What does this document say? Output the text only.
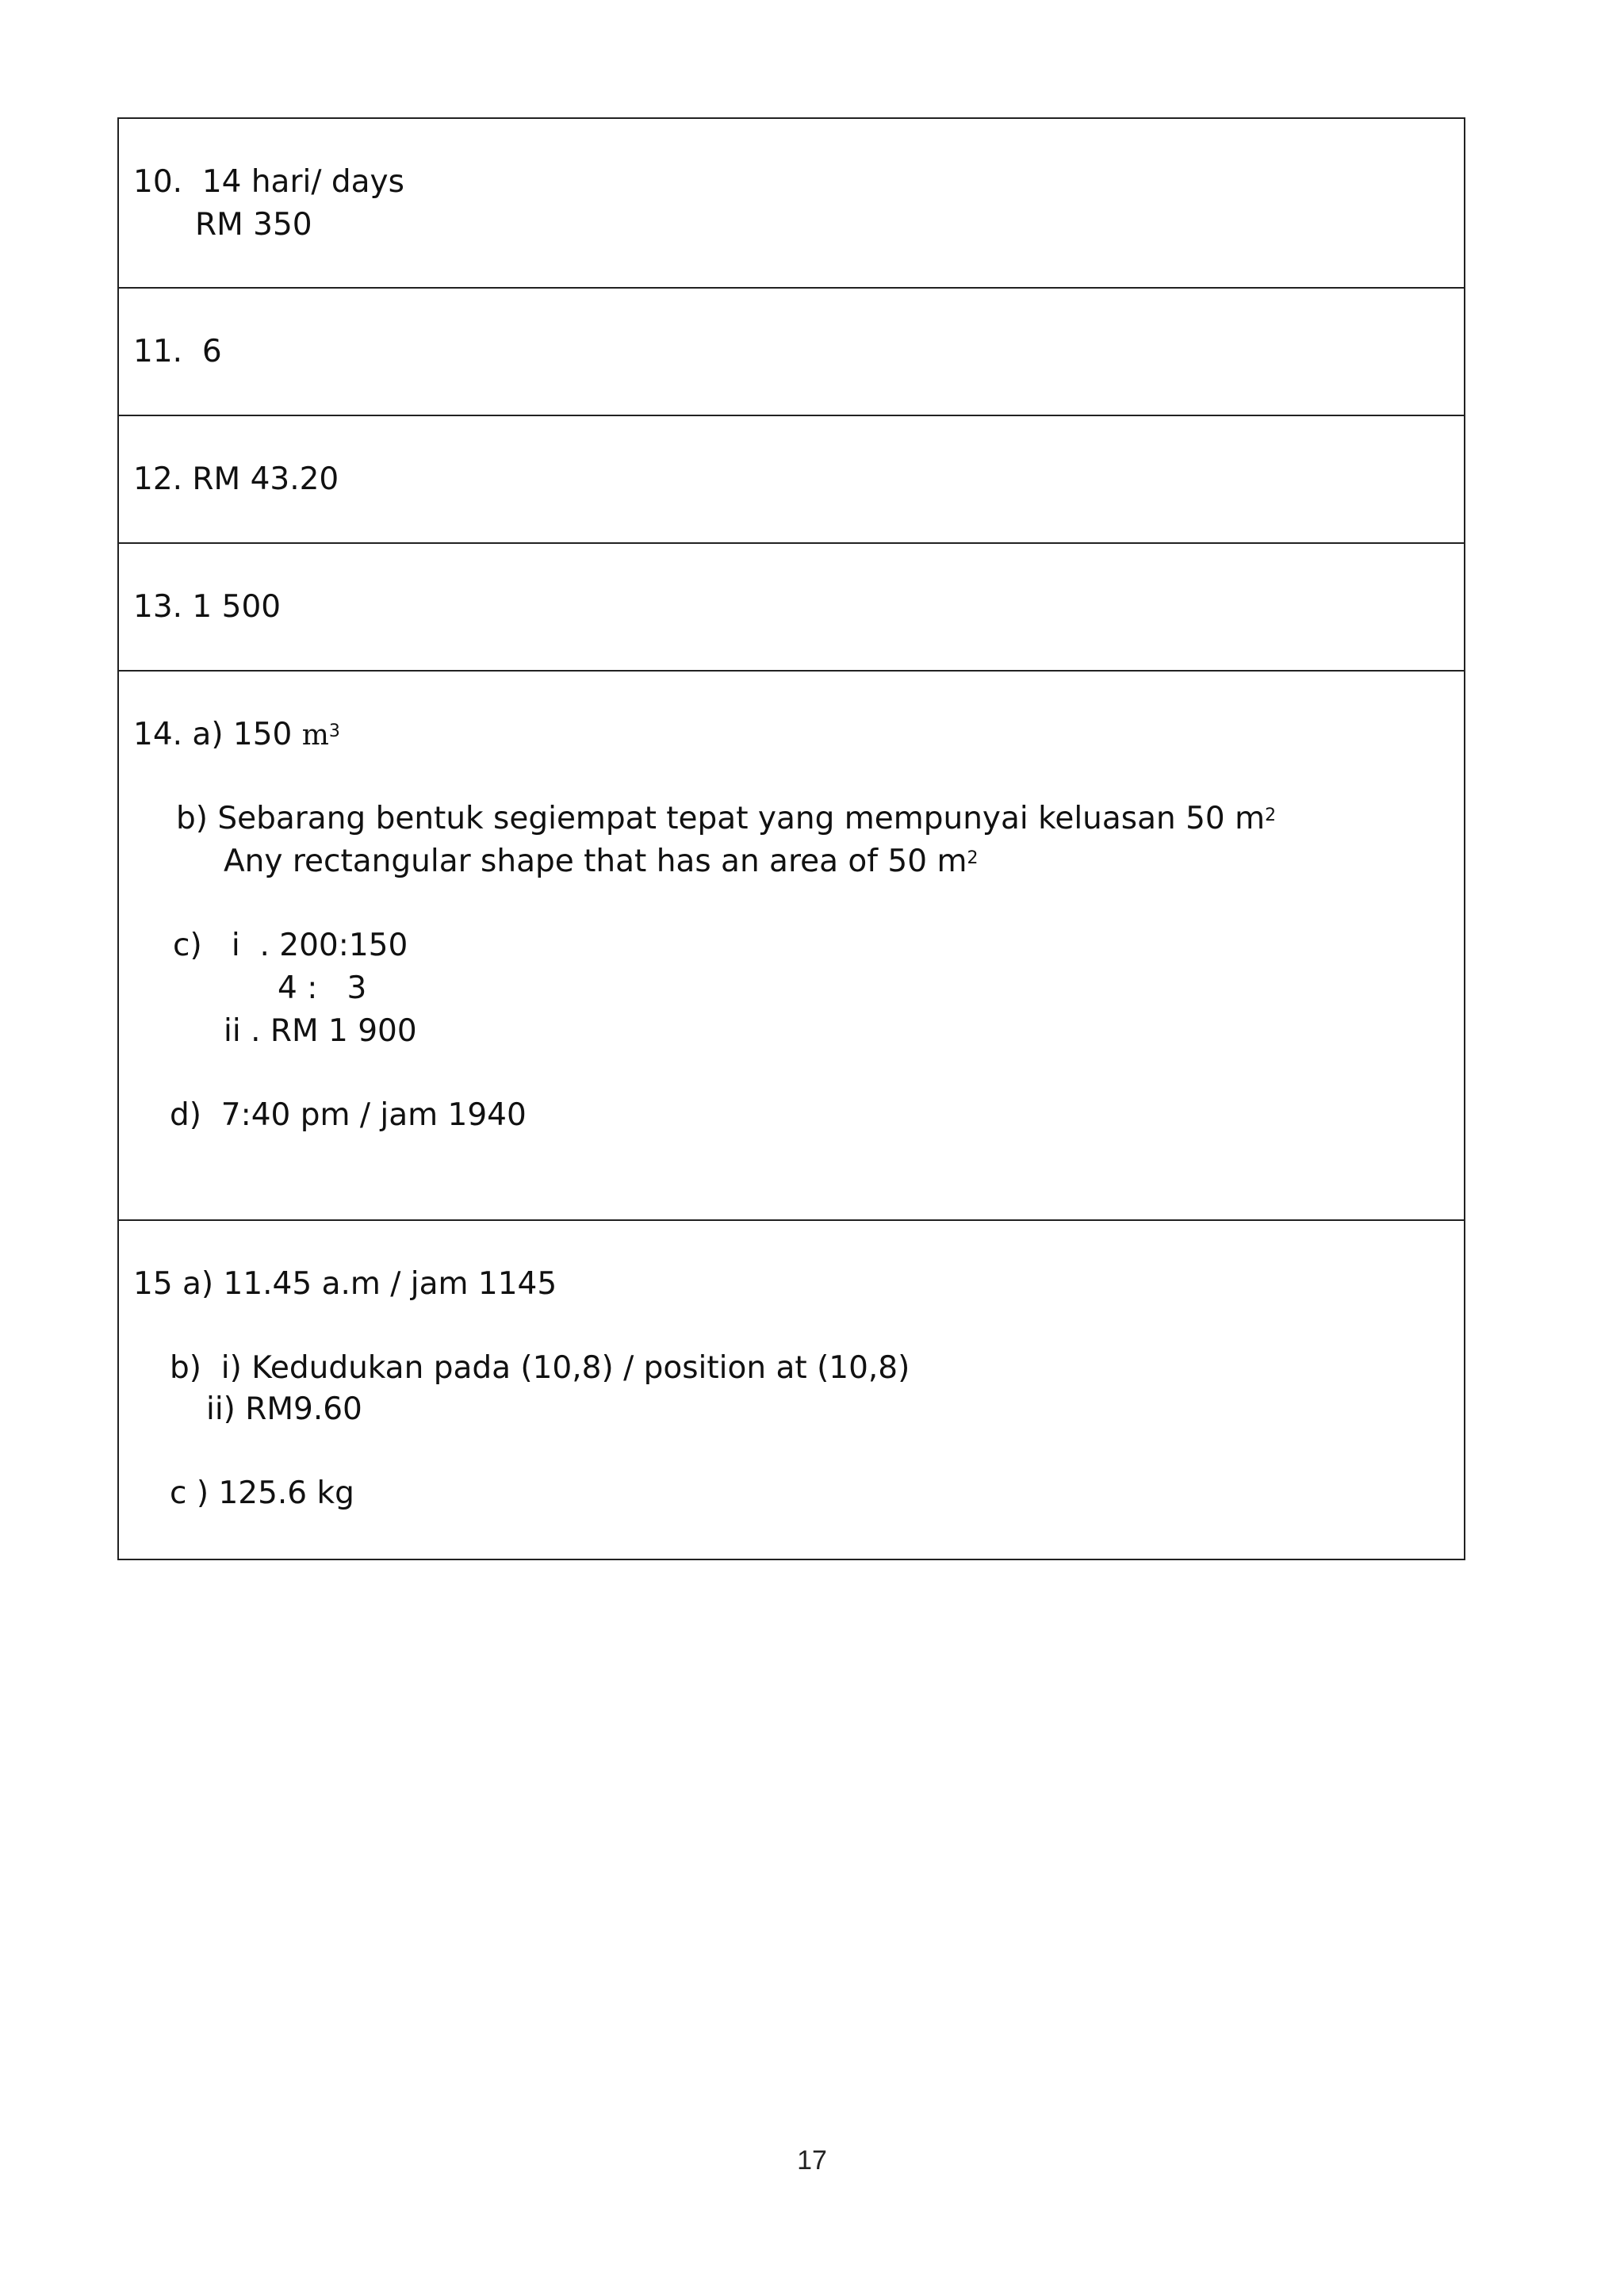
10.  14 hari/ days
RM 350
11.  6
12. RM 43.20
13. 1 500
14. a) 150 $m^3$
b) Sebarang bentuk segiempat tepat yang mempunyai keluasan 50 $m^2$
Any rectangular shape that has an area of 50 $m^2$
c)   i  . 200:150
4 :   3
ii . RM 1 900
d)  7:40 pm / jam 1940
15 a) 11.45 a.m / jam 1145
b)  i) Kedudukan pada (10,8) / position at (10,8)
ii) RM9.60
c ) 125.6 kg
17
